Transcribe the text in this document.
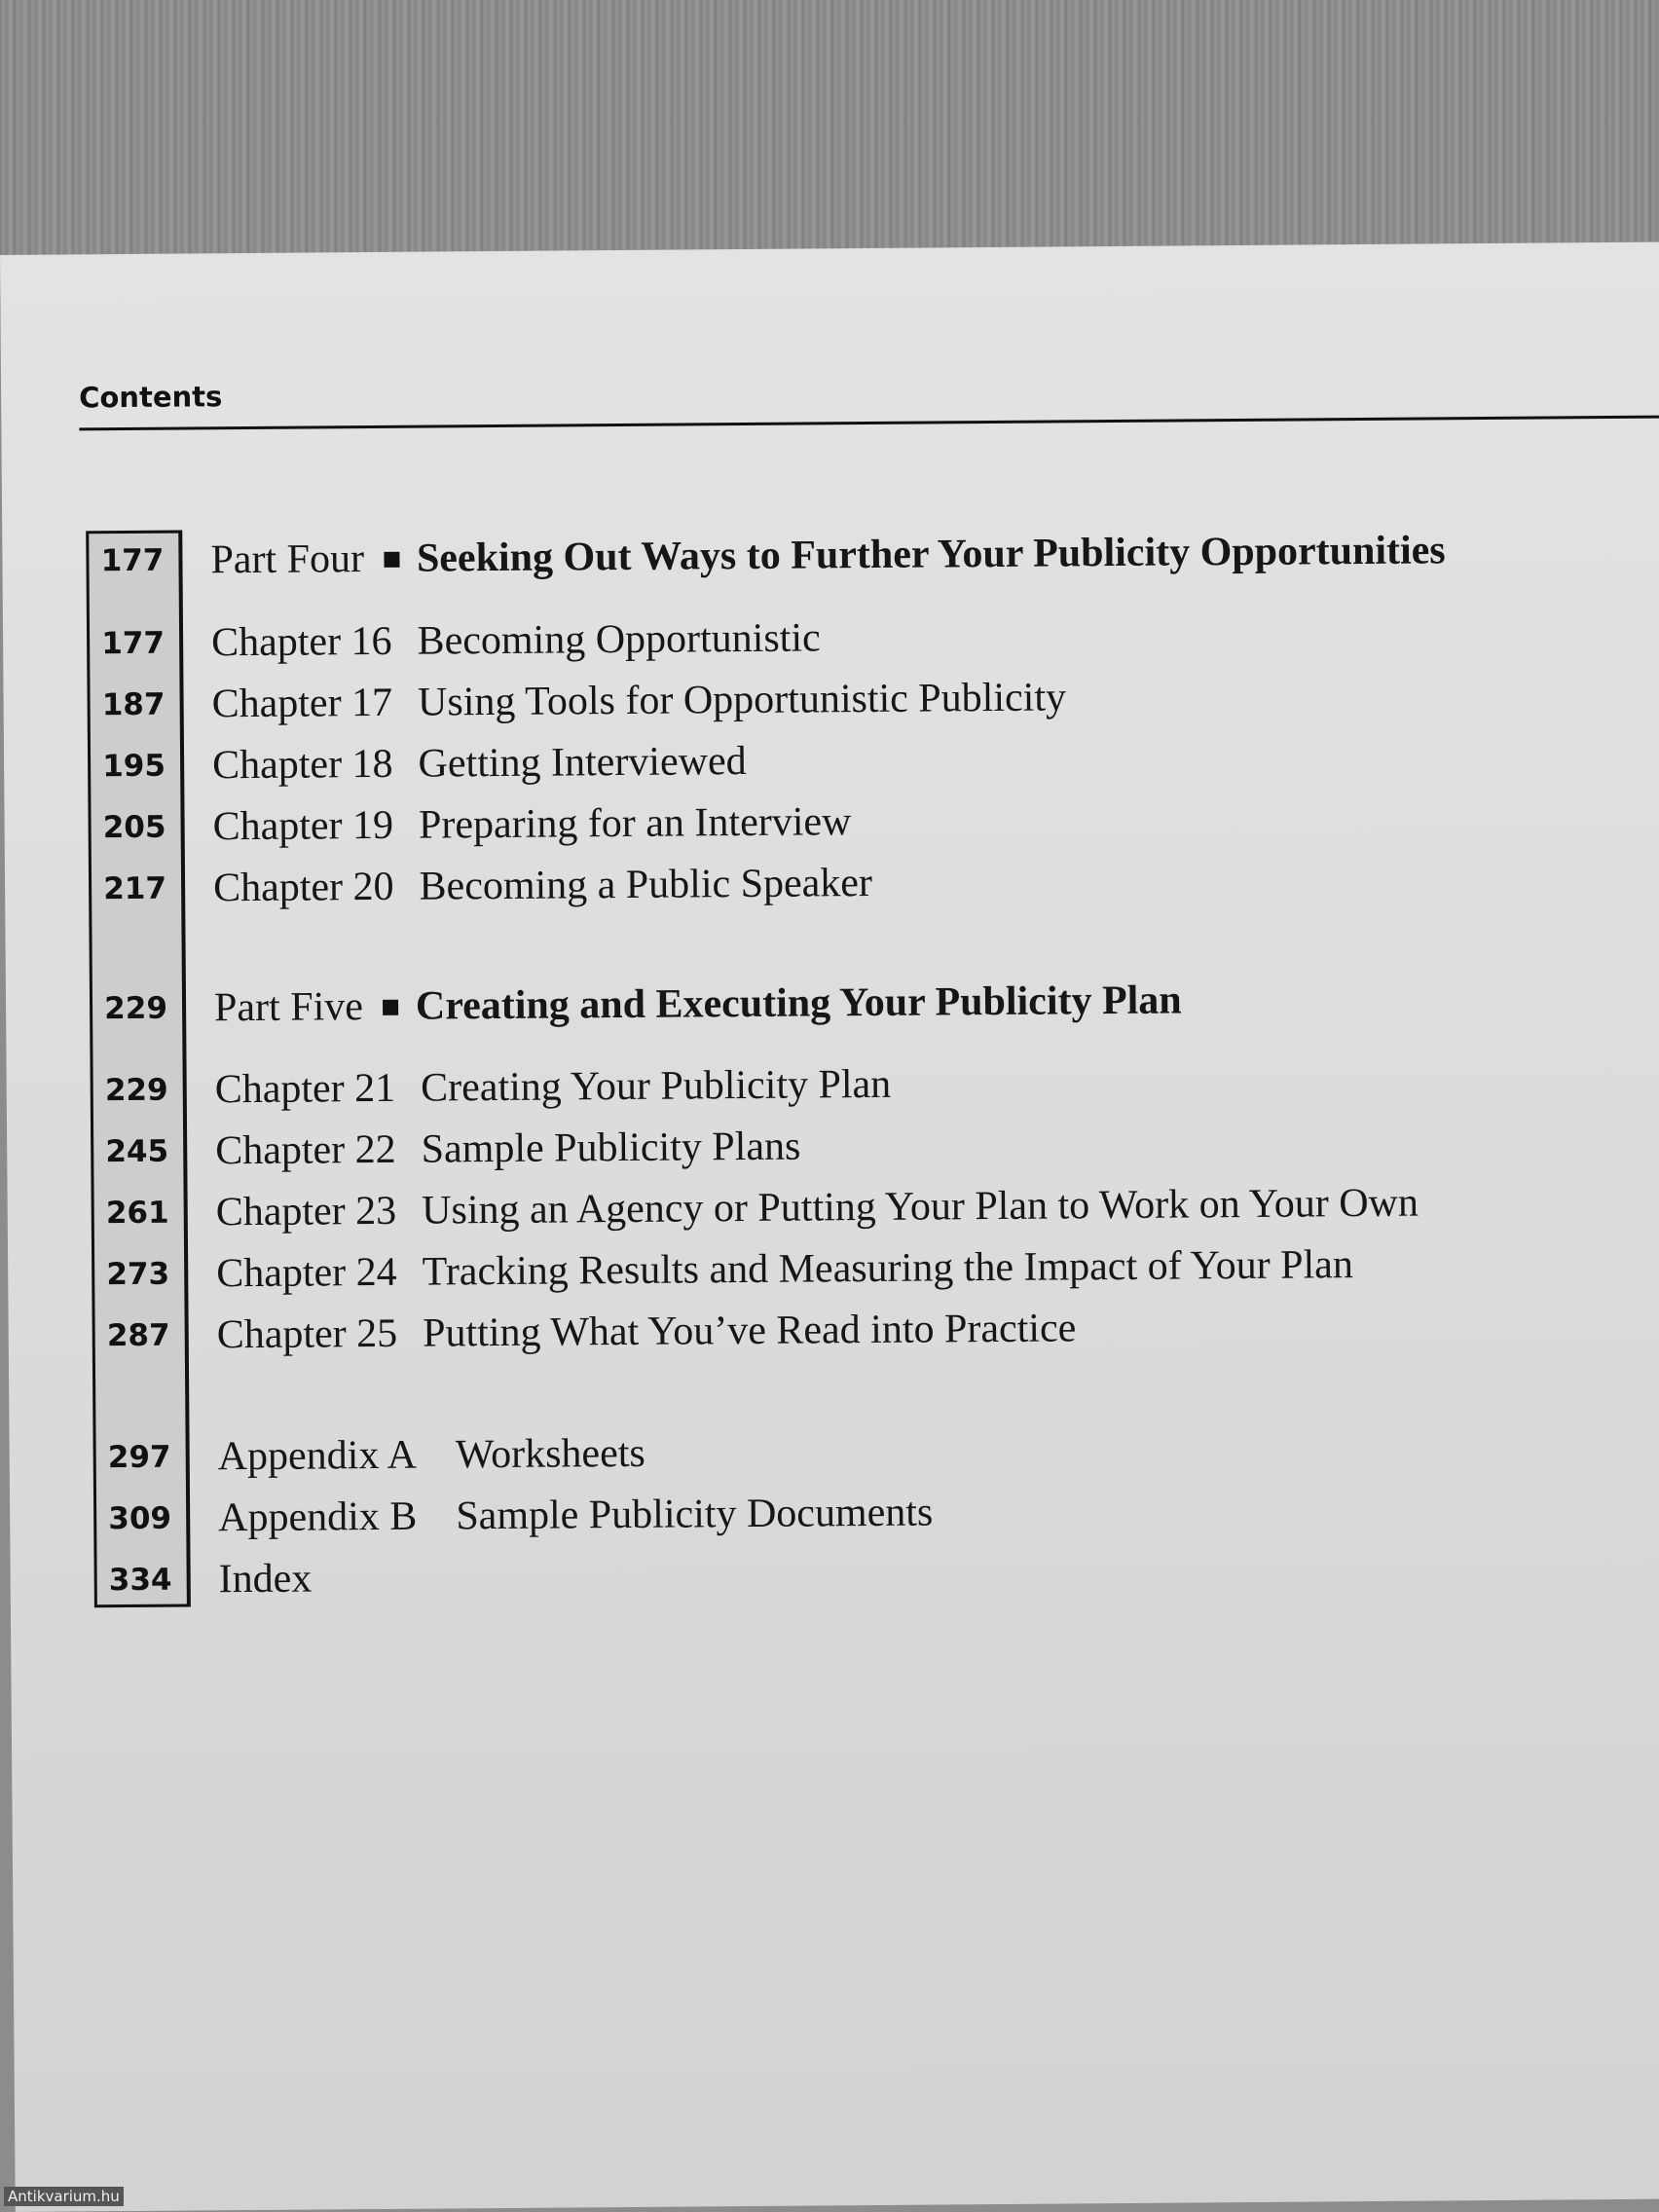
Contents
177	Part Four Seeking Out Ways to Further Your Publicity Opportunities
177	Chapter 16 Becoming Opportunistic
187	Chapter 17 Using Tools for Opportunistic Publicity
195	Chapter 18 Getting Interviewed
205	Chapter 19 Preparing for an Interview
217	Chapter 20 Becoming a Public Speaker
229	Part Five Creating and Executing Your Publicity Plan
229	Chapter 21 Creating Your Publicity Plan
245	Chapter 22 Sample Publicity Plans
261	Chapter 23 Using an Agency or Putting Your Plan to Work on Your Own
273	Chapter 24 Tracking Results and Measuring the Impact of Your Plan
287	Chapter 25 Putting What You’ve Read into Practice
297	Appendix A Worksheets
309	Appendix B Sample Publicity Documents
334	Index
Antikvarium.hu
